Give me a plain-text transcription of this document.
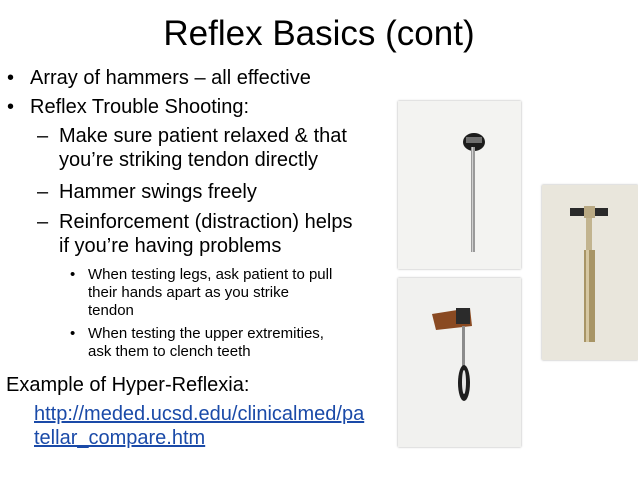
Reflex Basics (cont)
• Array of hammers – all effective
• Reflex Trouble Shooting:
– Make sure patient relaxed & that
you’re striking tendon directly
– Hammer swings freely
– Reinforcement (distraction) helps
if you’re having problems
• When testing legs, ask patient to pull
their hands apart as you strike
tendon
• When testing the upper extremities,
ask them to clench teeth
Example of Hyper-Reflexia:
http://meded.ucsd.edu/clinicalmed/pa
tellar_compare.htm
